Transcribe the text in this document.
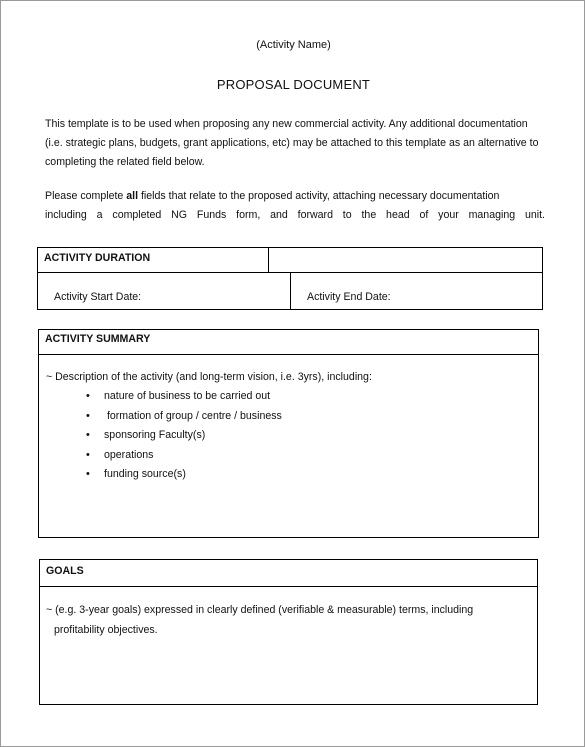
(Activity Name)
PROPOSAL DOCUMENT
This template is to be used when proposing any new commercial activity. Any additional documentation
(i.e. strategic plans, budgets, grant applications, etc) may be attached to this template as an alternative to
completing the related field below.
Please complete all fields that relate to the proposed activity, attaching necessary documentation
including a completed NG Funds form, and forward to the head of your managing unit.
ACTIVITY DURATION
Activity Start Date:	Activity End Date:
ACTIVITY SUMMARY
~ Description of the activity (and long-term vision, i.e. 3yrs), including:
• nature of business to be carried out
• formation of group / centre / business
• sponsoring Faculty(s)
• operations
• funding source(s)
GOALS
~ (e.g. 3-year goals) expressed in clearly defined (verifiable & measurable) terms, including
profitability objectives.
